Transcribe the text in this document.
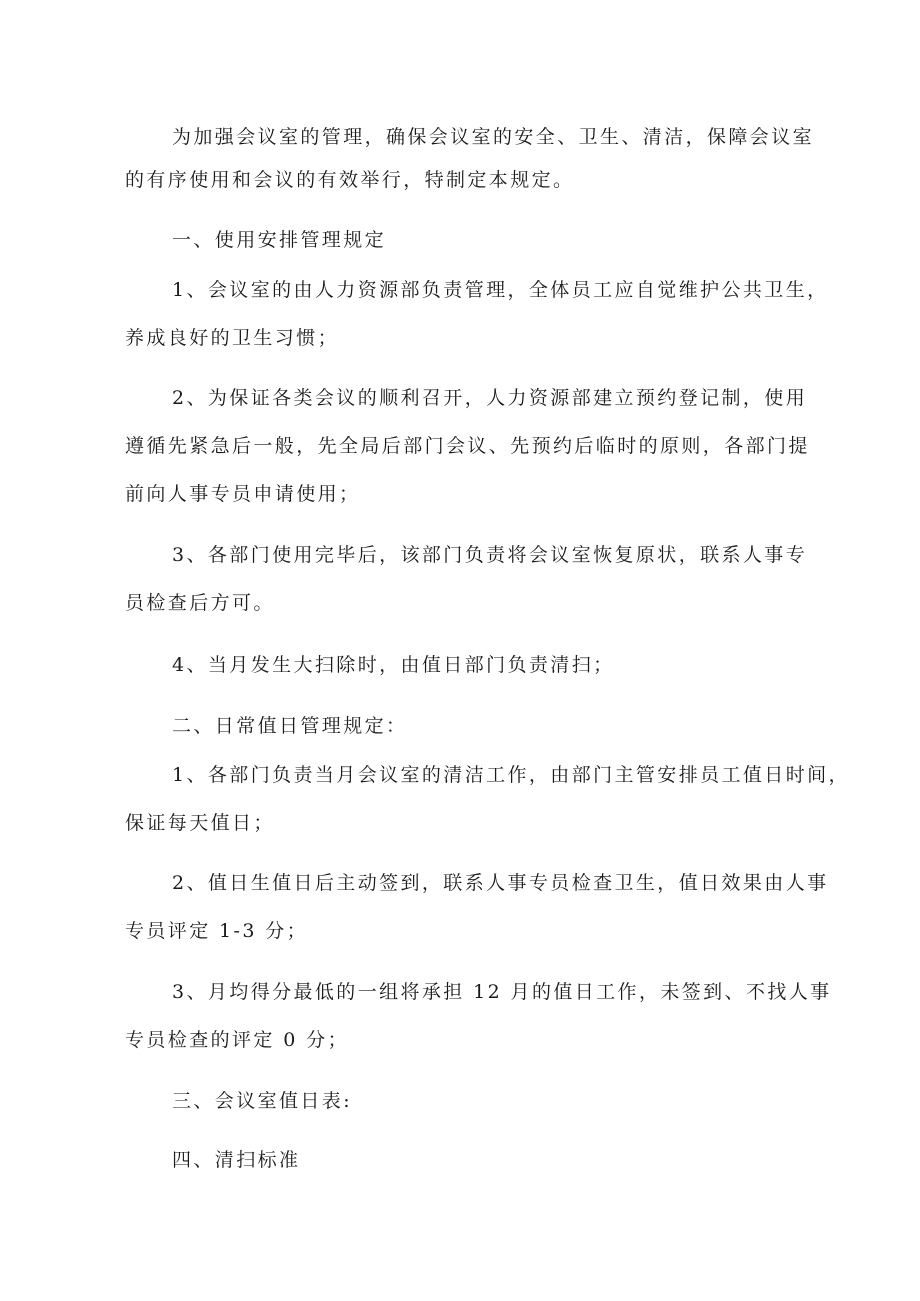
为加强会议室的管理，确保会议室的安全、卫生、清洁，保障会议室
的有序使用和会议的有效举行，特制定本规定。
一、使用安排管理规定
1、会议室的由人力资源部负责管理，全体员工应自觉维护公共卫生，
养成良好的卫生习惯；
2、为保证各类会议的顺利召开，人力资源部建立预约登记制，使用
遵循先紧急后一般，先全局后部门会议、先预约后临时的原则，各部门提
前向人事专员申请使用；
3、各部门使用完毕后，该部门负责将会议室恢复原状，联系人事专
员检查后方可。
4、当月发生大扫除时，由值日部门负责清扫；
二、日常值日管理规定：
1、各部门负责当月会议室的清洁工作，由部门主管安排员工值日时间，
保证每天值日；
2、值日生值日后主动签到，联系人事专员检查卫生，值日效果由人事
专员评定 1-3 分；
3、月均得分最低的一组将承担 12 月的值日工作，未签到、不找人事
专员检查的评定 0 分；
三、会议室值日表:
四、清扫标准
